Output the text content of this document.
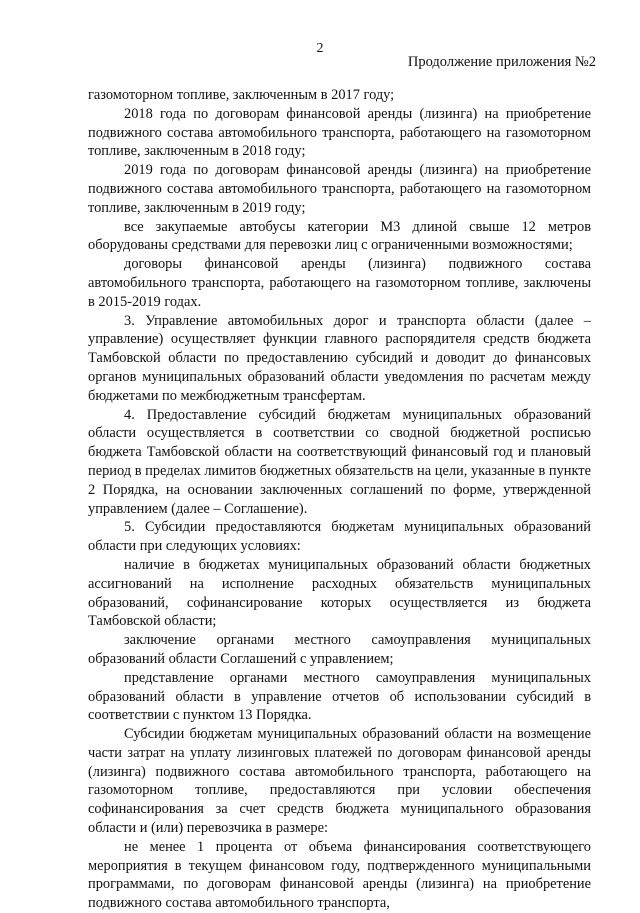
2
Продолжение приложения №2

газомоторном топливе, заключенным в 2017 году;

2018 года по договорам финансовой аренды (лизинга) на приобретение подвижного состава автомобильного транспорта, работающего на газомоторном топливе, заключенным в 2018 году;

2019 года по договорам финансовой аренды (лизинга) на приобретение подвижного состава автомобильного транспорта, работающего на газомоторном топливе, заключенным в 2019 году;

все закупаемые автобусы категории М3 длиной свыше 12 метров оборудованы средствами для перевозки лиц с ограниченными возможностями;

договоры финансовой аренды (лизинга) подвижного состава автомобильного транспорта, работающего на газомоторном топливе, заключены в 2015-2019 годах.

3. Управление автомобильных дорог и транспорта области (далее – управление) осуществляет функции главного распорядителя средств бюджета Тамбовской области по предоставлению субсидий и доводит до финансовых органов муниципальных образований области уведомления по расчетам между бюджетами по межбюджетным трансфертам.

4. Предоставление субсидий бюджетам муниципальных образований области осуществляется в соответствии со сводной бюджетной росписью бюджета Тамбовской области на соответствующий финансовый год и плановый период в пределах лимитов бюджетных обязательств на цели, указанные в пункте 2 Порядка, на основании заключенных соглашений по форме, утвержденной управлением (далее – Соглашение).

5. Субсидии предоставляются бюджетам муниципальных образований области при следующих условиях:

наличие в бюджетах муниципальных образований области бюджетных ассигнований на исполнение расходных обязательств муниципальных образований, софинансирование которых осуществляется из бюджета Тамбовской области;

заключение органами местного самоуправления муниципальных образований области Соглашений с управлением;

представление органами местного самоуправления муниципальных образований области в управление отчетов об использовании субсидий в соответствии с пунктом 13 Порядка.

Субсидии бюджетам муниципальных образований области на возмещение части затрат на уплату лизинговых платежей по договорам финансовой аренды (лизинга) подвижного состава автомобильного транспорта, работающего на газомоторном топливе, предоставляются при условии обеспечения софинансирования за счет средств бюджета муниципального образования области и (или) перевозчика в размере:

не менее 1 процента от объема финансирования соответствующего мероприятия в текущем финансовом году, подтвержденного муниципальными программами, по договорам финансовой аренды (лизинга) на приобретение подвижного состава автомобильного транспорта,
